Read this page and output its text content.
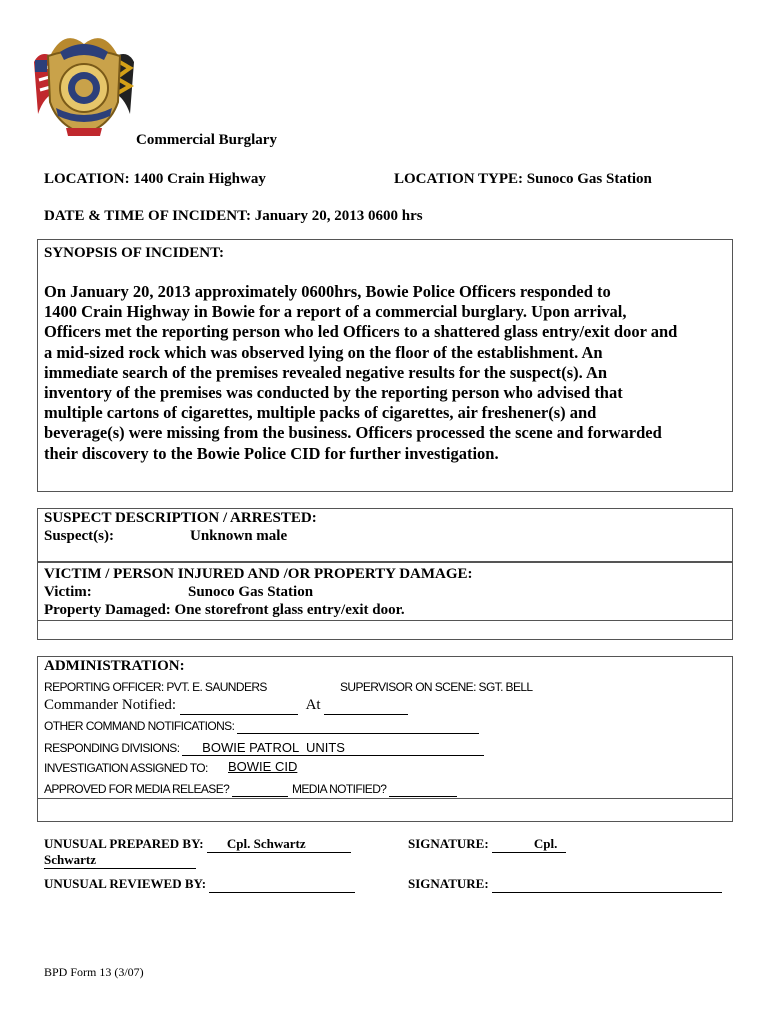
Commercial Burglary
LOCATION: 1400 Crain Highway	LOCATION TYPE: Sunoco Gas Station
DATE & TIME OF INCIDENT: January 20, 2013 0600 hrs
SYNOPSIS OF INCIDENT:
On January 20, 2013 approximately 0600hrs, Bowie Police Officers responded to
1400 Crain Highway in Bowie for a report of a commercial burglary. Upon arrival,
Officers met the reporting person who led Officers to a shattered glass entry/exit door and
a mid-sized rock which was observed lying on the floor of the establishment. An
immediate search of the premises revealed negative results for the suspect(s). An
inventory of the premises was conducted by the reporting person who advised that
multiple cartons of cigarettes, multiple packs of cigarettes, air freshener(s) and
beverage(s) were missing from the business. Officers processed the scene and forwarded
their discovery to the Bowie Police CID for further investigation.
SUSPECT DESCRIPTION / ARRESTED:
Suspect(s):	Unknown male
VICTIM / PERSON INJURED AND /OR PROPERTY DAMAGE:
Victim:	Sunoco Gas Station
Property Damaged: One storefront glass entry/exit door.
ADMINISTRATION:
REPORTING OFFICER: PVT. E. SAUNDERS	SUPERVISOR ON SCENE: SGT. BELL
Commander Notified:	At
OTHER COMMAND NOTIFICATIONS:
RESPONDING DIVISIONS: BOWIE PATROL  UNITS
INVESTIGATION ASSIGNED TO: BOWIE CID
APPROVED FOR MEDIA RELEASE?	MEDIA NOTIFIED?
UNUSUAL PREPARED BY: Cpl. Schwartz	SIGNATURE:	Cpl.
Schwartz
UNUSUAL REVIEWED BY:	SIGNATURE:
BPD Form 13 (3/07)
